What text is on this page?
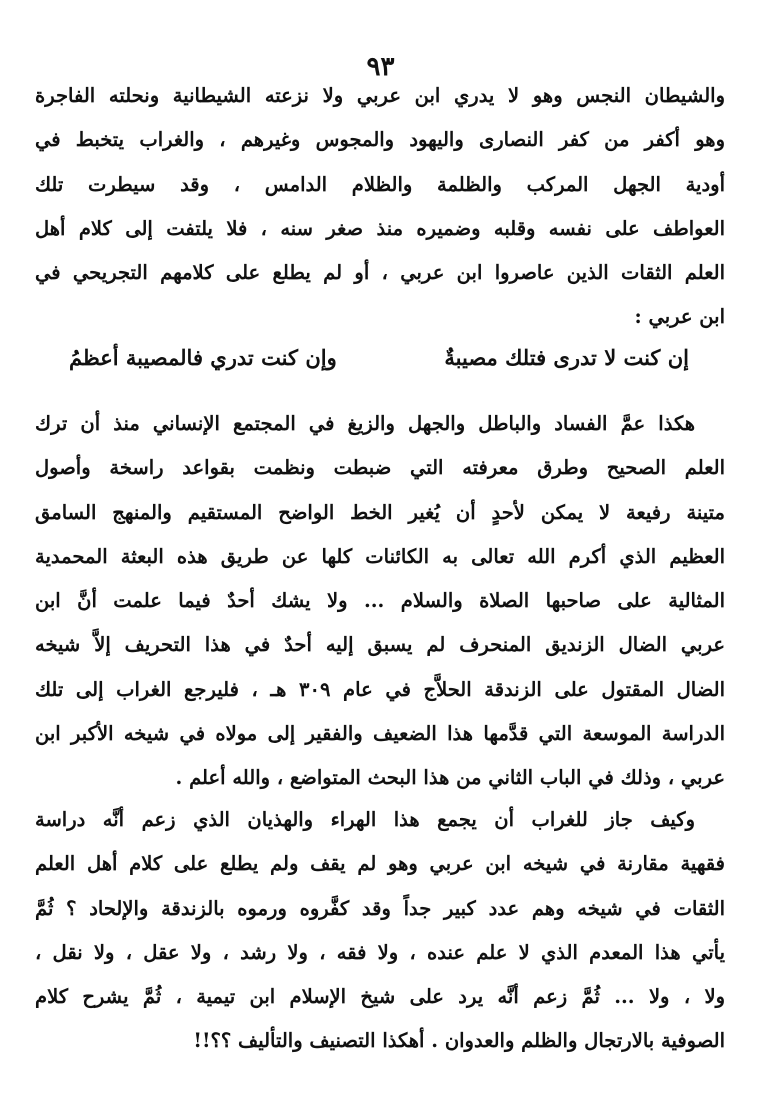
٩٣
والشيطان النجس وهو لا يدري ابن عربي ولا نزعته الشيطانية ونحلته الفاجرة
وهو أكفر من كفر النصارى واليهود والمجوس وغيرهم ، والغراب يتخبط في
أودية الجهل المركب والظلمة والظلام الدامس ، وقد سيطرت تلك
العواطف على نفسه وقلبه وضميره منذ صغر سنه ، فلا يلتفت إلى كلام أهل
العلم الثقات الذين عاصروا ابن عربي ، أو لم يطلع على كلامهم التجريحي في
ابن عربي :
إن كنت لا تدرى فتلك مصيبةٌ
وإن كنت تدري فالمصيبة أعظمُ
هكذا عمَّ الفساد والباطل والجهل والزيغ في المجتمع الإنساني منذ أن ترك
العلم الصحيح وطرق معرفته التي ضبطت ونظمت بقواعد راسخة وأصول
متينة رفيعة لا يمكن لأحدٍ أن يُغير الخط الواضح المستقيم والمنهج السامق
العظيم الذي أكرم الله تعالى به الكائنات كلها عن طريق هذه البعثة المحمدية
المثالية على صاحبها الصلاة والسلام ... ولا يشك أحدٌ فيما علمت أنَّ ابن
عربي الضال الزنديق المنحرف لم يسبق إليه أحدٌ في هذا التحريف إلاَّ شيخه
الضال المقتول على الزندقة الحلاَّج في عام ٣٠٩ هـ ، فليرجع الغراب إلى تلك
الدراسة الموسعة التي قدَّمها هذا الضعيف والفقير إلى مولاه في شيخه الأكبر ابن
عربي ، وذلك في الباب الثاني من هذا البحث المتواضع ، والله أعلم .
وكيف جاز للغراب أن يجمع هذا الهراء والهذيان الذي زعم أنَّه دراسة
فقهية مقارنة في شيخه ابن عربي وهو لم يقف ولم يطلع على كلام أهل العلم
الثقات في شيخه وهم عدد كبير جداً وقد كفَّروه ورموه بالزندقة والإلحاد ؟ ثُمَّ
يأتي هذا المعدم الذي لا علم عنده ، ولا فقه ، ولا رشد ، ولا عقل ، ولا نقل ،
ولا ، ولا ... ثُمَّ زعم أنَّه يرد على شيخ الإسلام ابن تيمية ، ثُمَّ يشرح كلام
الصوفية بالارتجال والظلم والعدوان . أهكذا التصنيف والتأليف ؟؟!!
